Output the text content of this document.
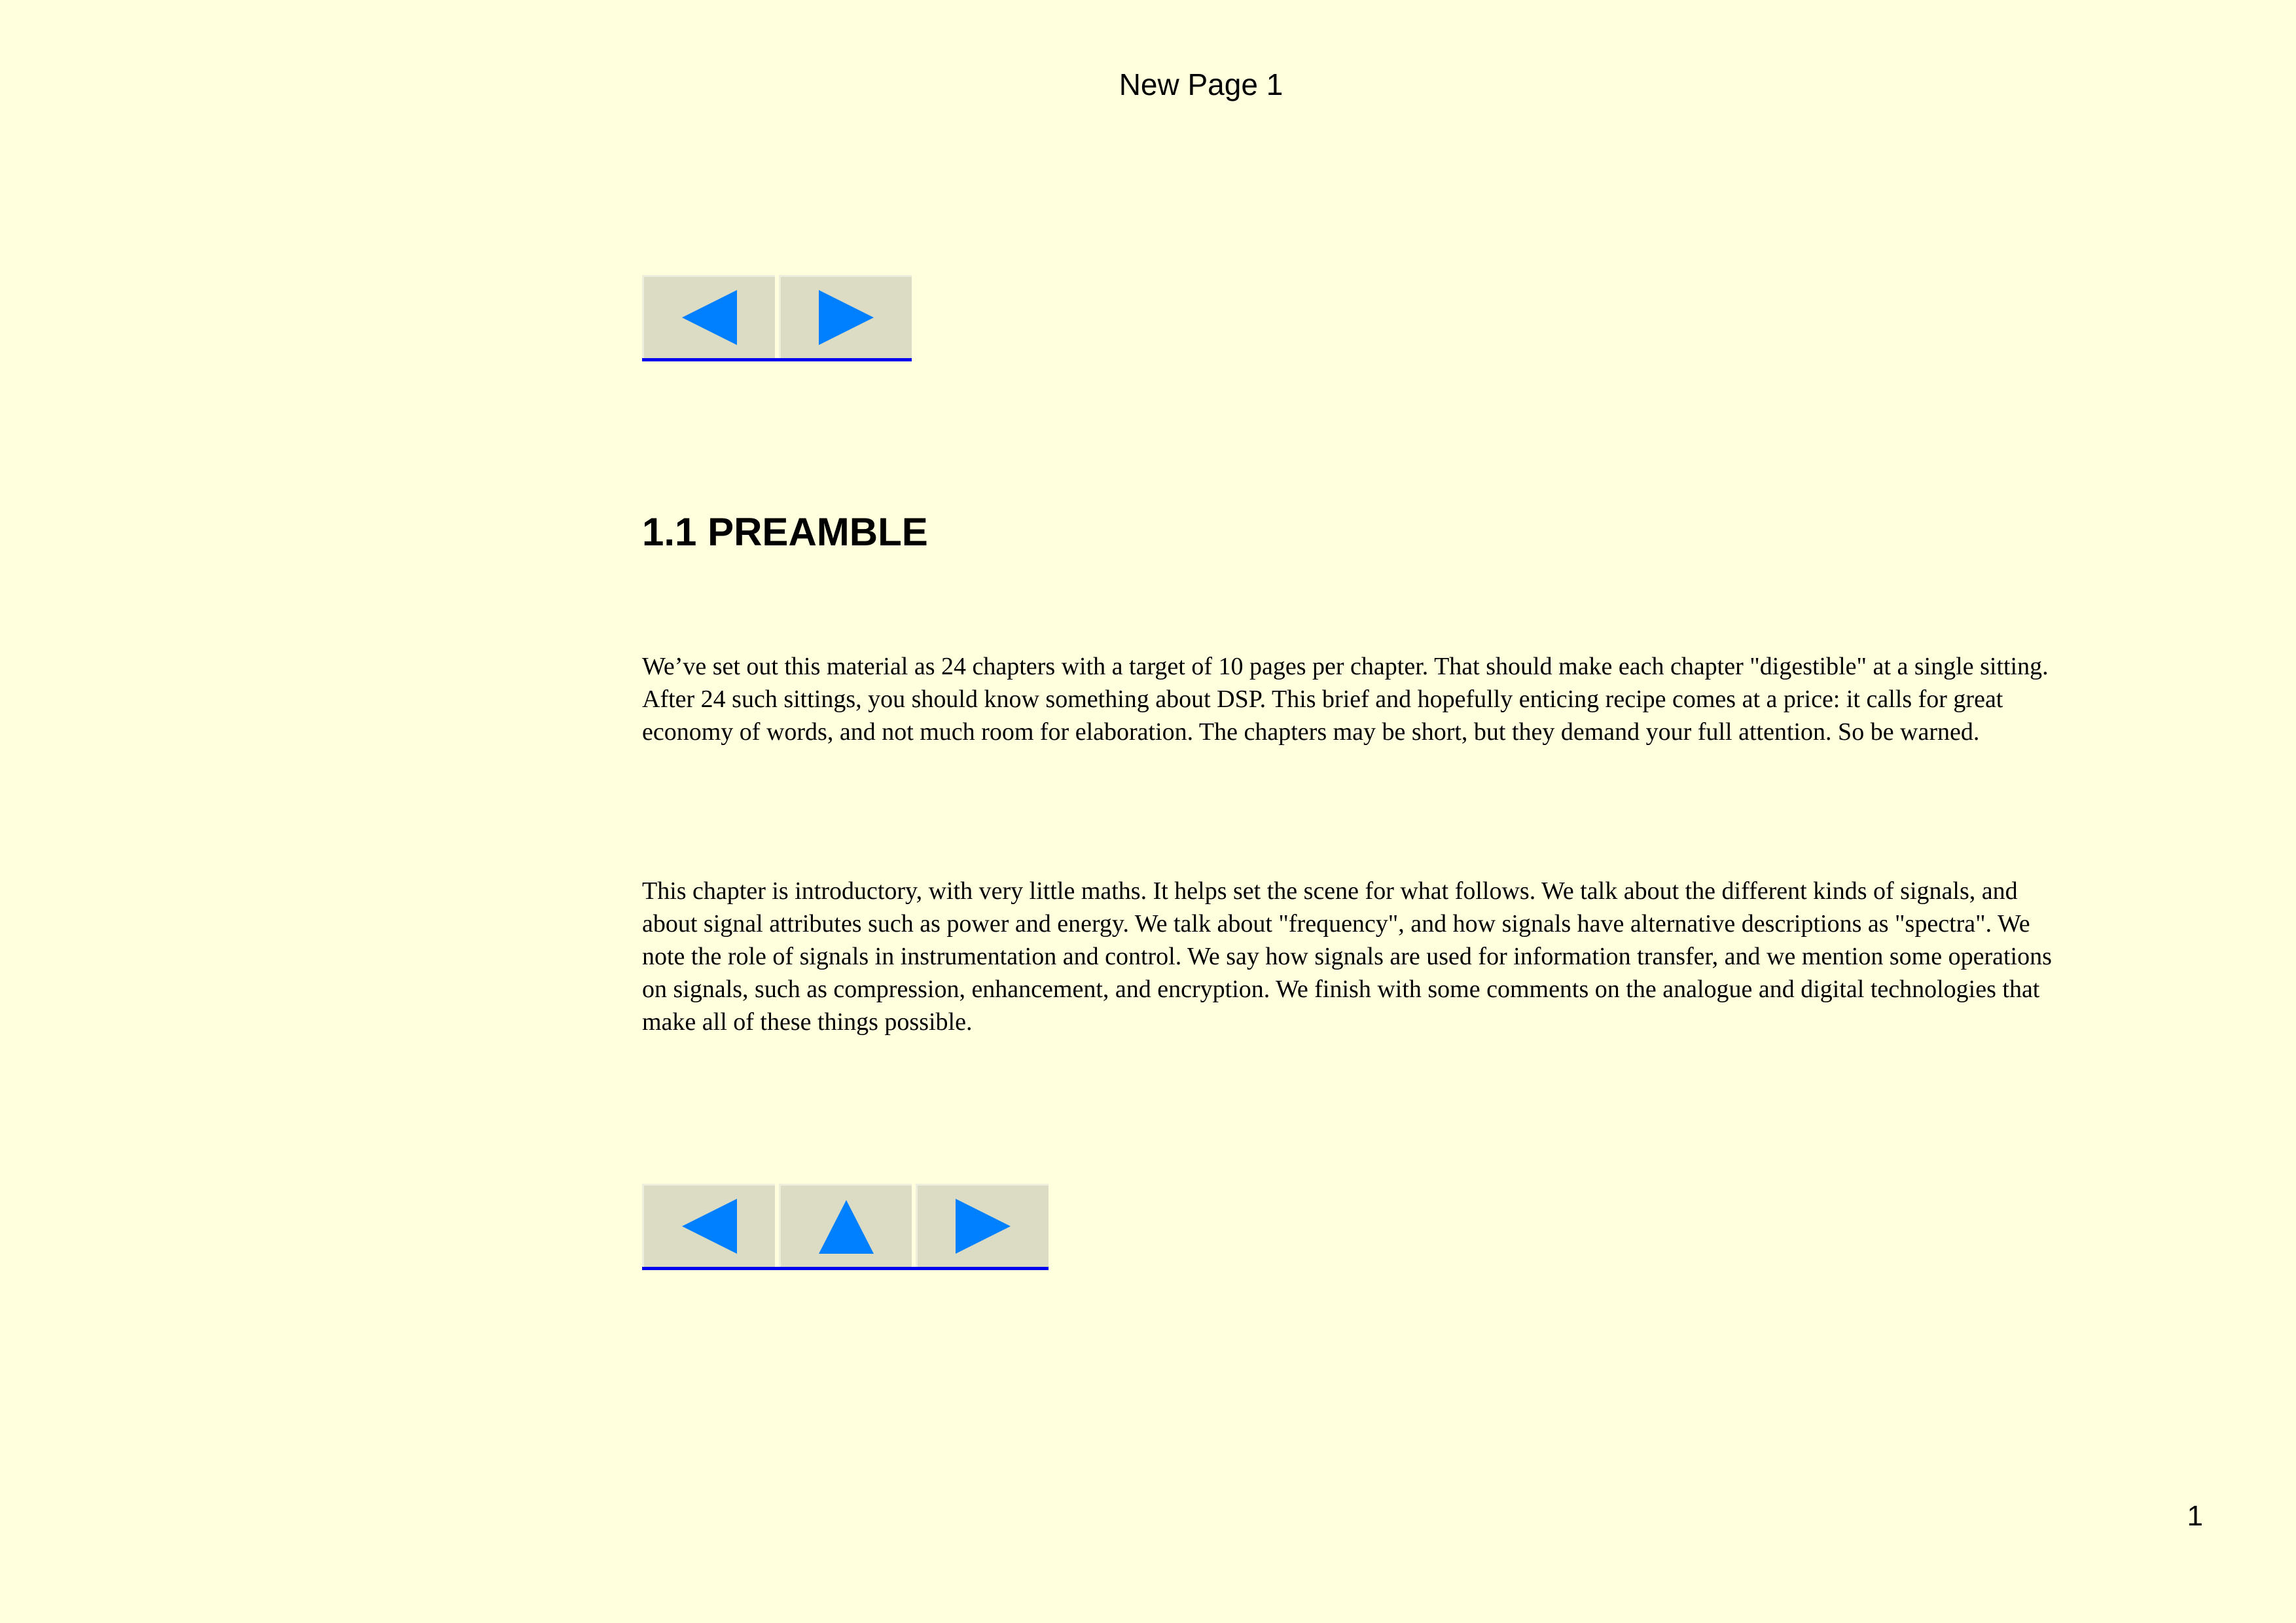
New Page 1
1.1 PREAMBLE

We’ve set out this material as 24 chapters with a target of 10 pages per chapter. That should make each chapter "digestible" at a single sitting. After 24 such sittings, you should know something about DSP. This brief and hopefully enticing recipe comes at a price: it calls for great economy of words, and not much room for elaboration. The chapters may be short, but they demand your full attention. So be warned.

This chapter is introductory, with very little maths. It helps set the scene for what follows. We talk about the different kinds of signals, and about signal attributes such as power and energy. We talk about "frequency", and how signals have alternative descriptions as "spectra". We note the role of signals in instrumentation and control. We say how signals are used for information transfer, and we mention some operations on signals, such as compression, enhancement, and encryption. We finish with some comments on the analogue and digital technologies that make all of these things possible.

1
